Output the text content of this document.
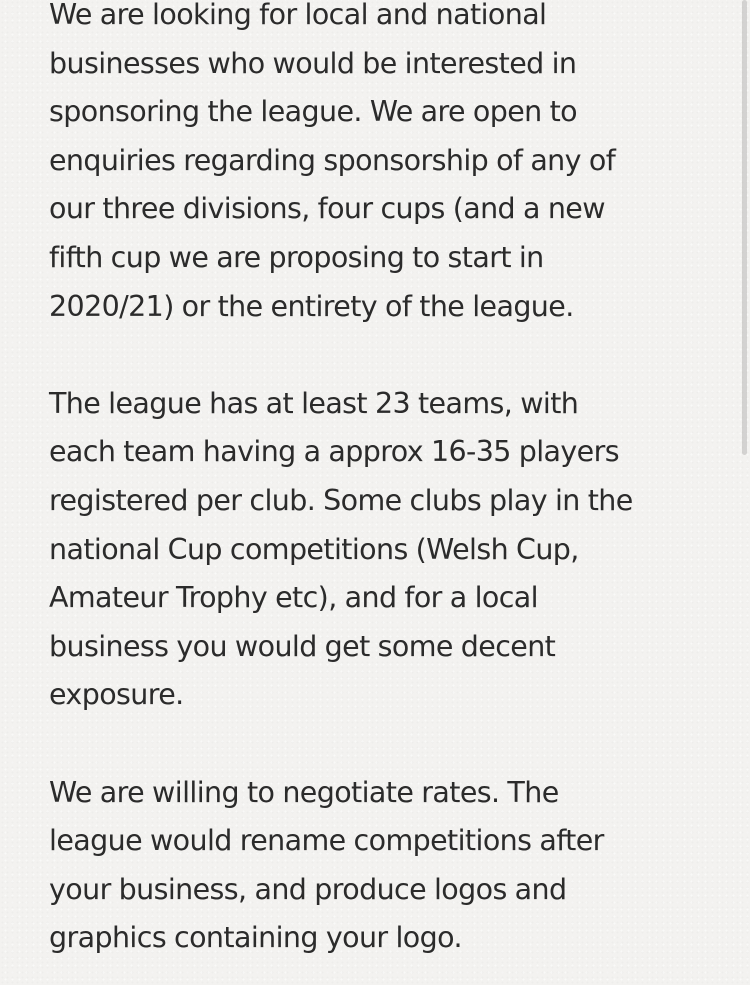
We are looking for local and national
businesses who would be interested in
sponsoring the league. We are open to
enquiries regarding sponsorship of any of
our three divisions, four cups (and a new
fifth cup we are proposing to start in
2020/21) or the entirety of the league.

The league has at least 23 teams, with
each team having a approx 16-35 players
registered per club. Some clubs play in the
national Cup competitions (Welsh Cup,
Amateur Trophy etc), and for a local
business you would get some decent
exposure.

We are willing to negotiate rates. The
league would rename competitions after
your business, and produce logos and
graphics containing your logo.
